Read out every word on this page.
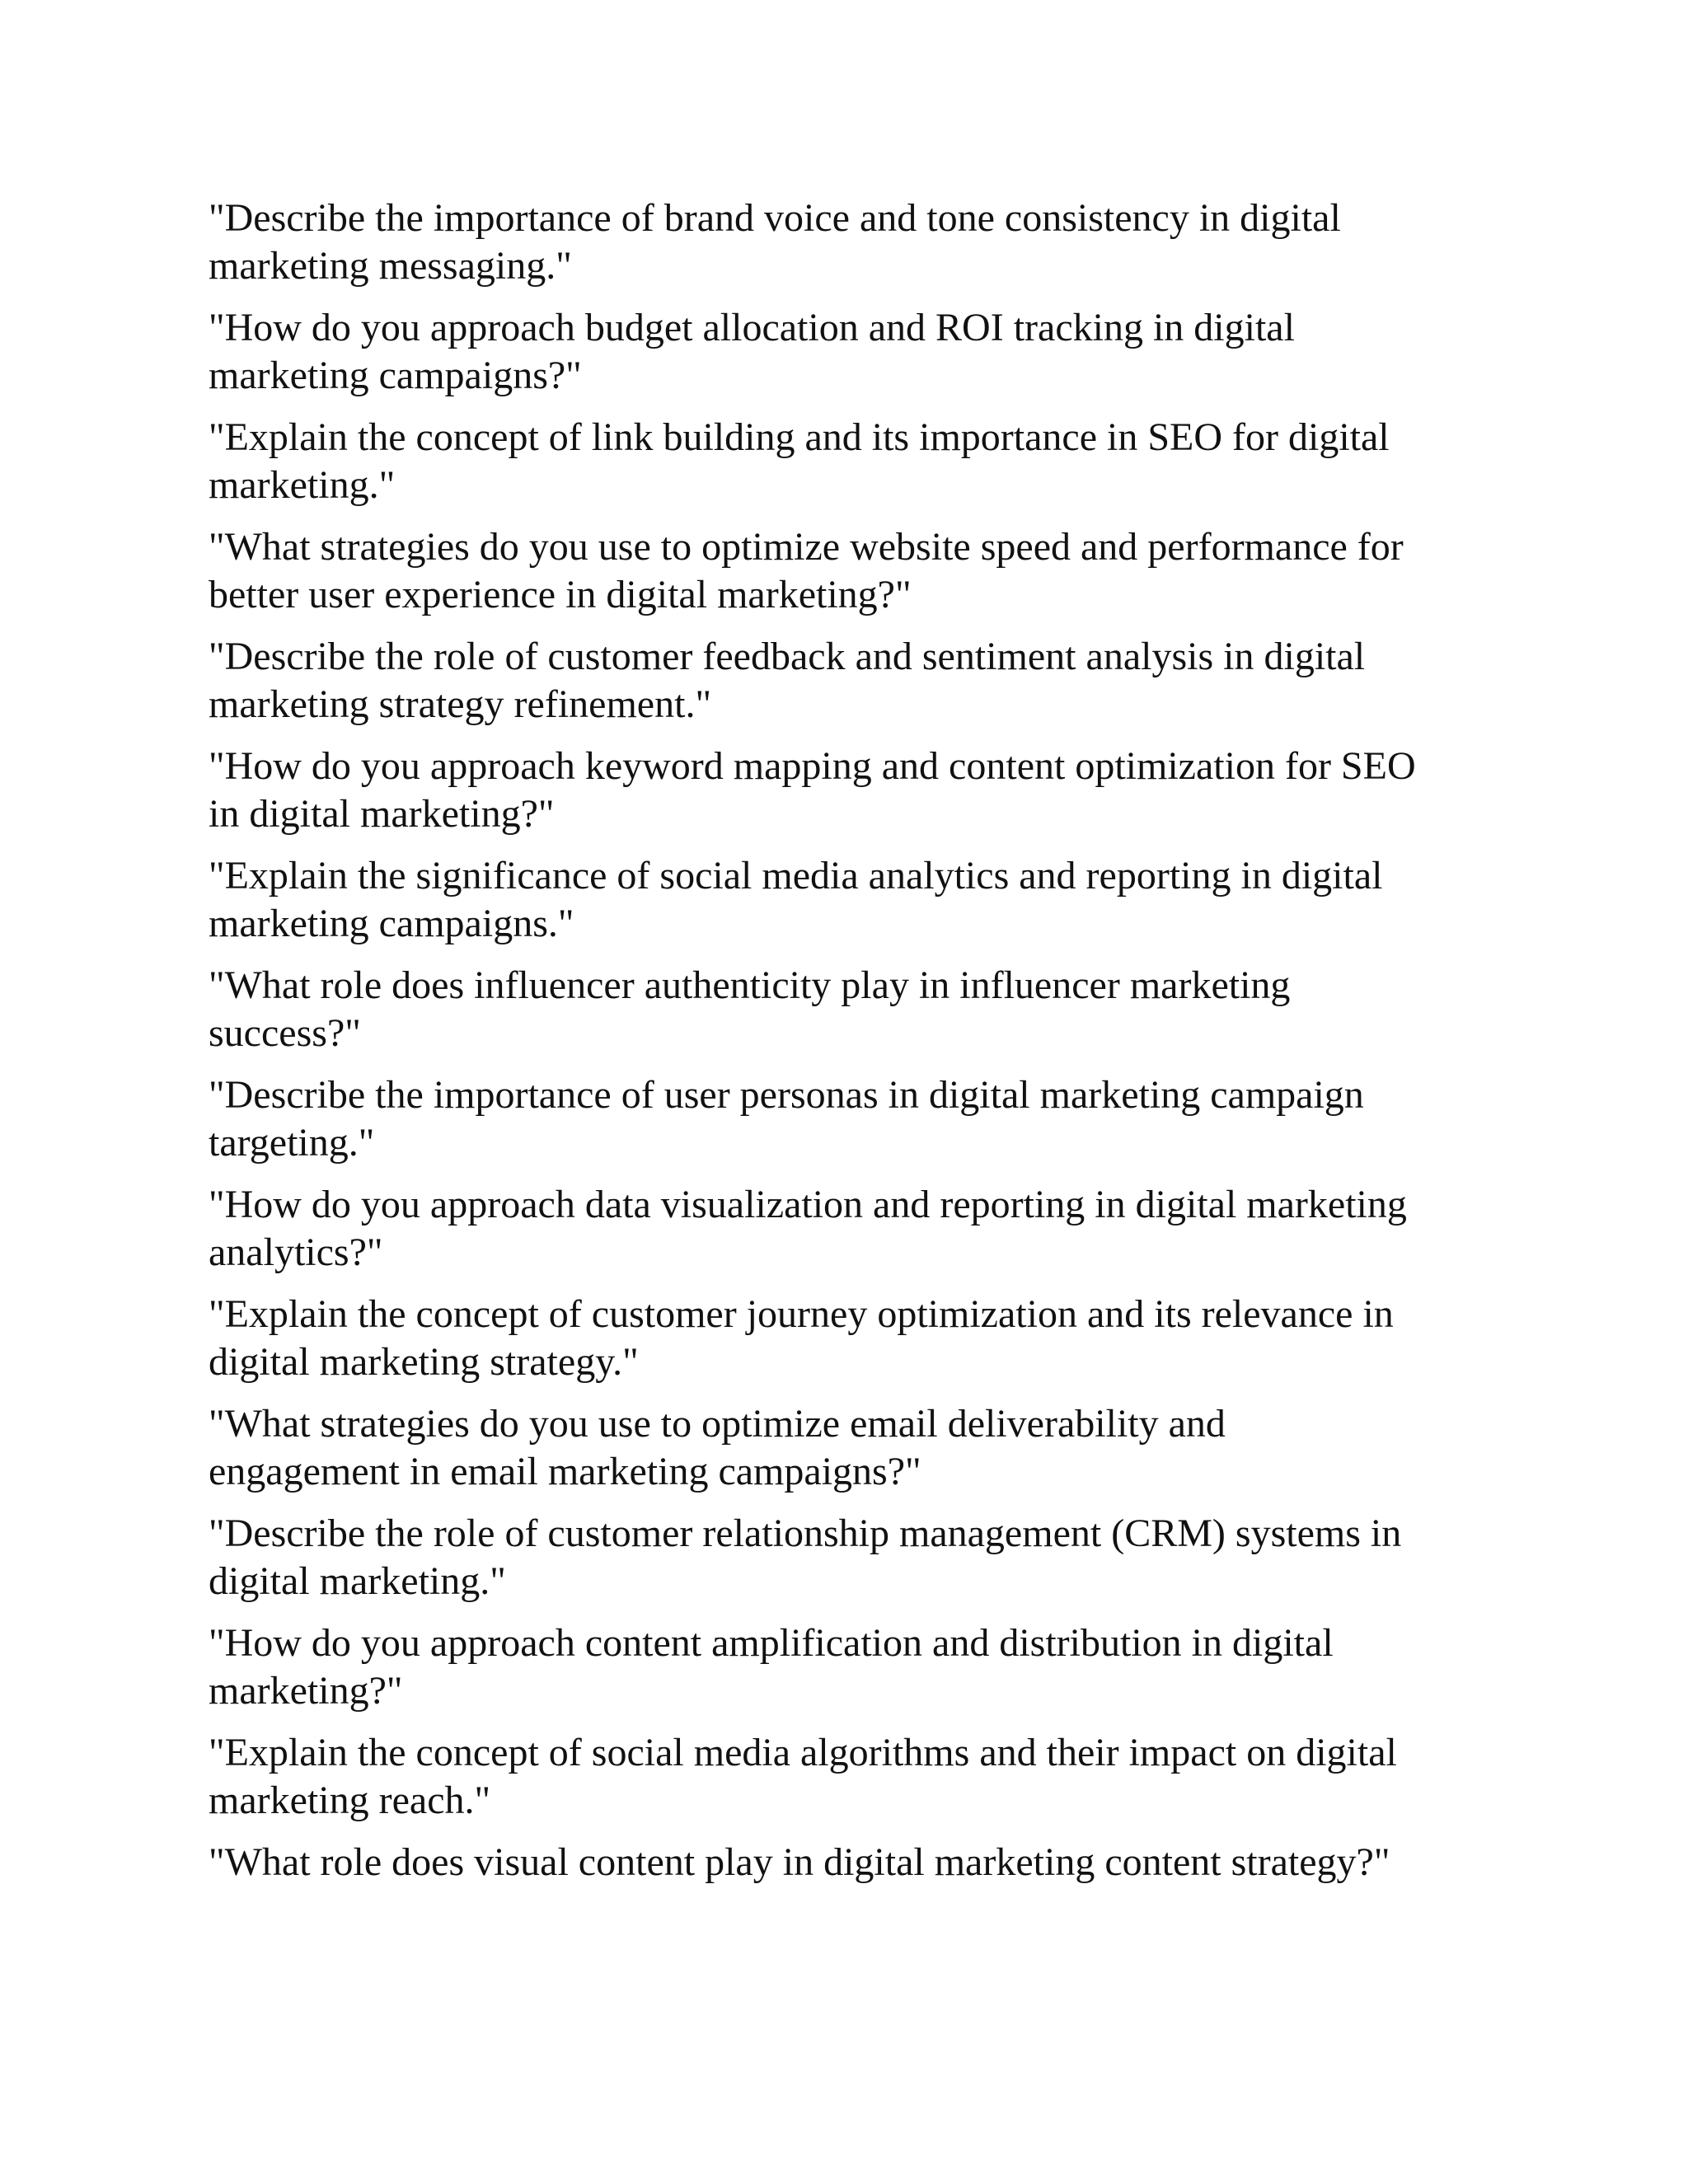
"Describe the importance of brand voice and tone consistency in digital
marketing messaging."

"How do you approach budget allocation and ROI tracking in digital
marketing campaigns?"

"Explain the concept of link building and its importance in SEO for digital
marketing."

"What strategies do you use to optimize website speed and performance for
better user experience in digital marketing?"

"Describe the role of customer feedback and sentiment analysis in digital
marketing strategy refinement."

"How do you approach keyword mapping and content optimization for SEO
in digital marketing?"

"Explain the significance of social media analytics and reporting in digital
marketing campaigns."

"What role does influencer authenticity play in influencer marketing
success?"

"Describe the importance of user personas in digital marketing campaign
targeting."

"How do you approach data visualization and reporting in digital marketing
analytics?"

"Explain the concept of customer journey optimization and its relevance in
digital marketing strategy."

"What strategies do you use to optimize email deliverability and
engagement in email marketing campaigns?"

"Describe the role of customer relationship management (CRM) systems in
digital marketing."

"How do you approach content amplification and distribution in digital
marketing?"

"Explain the concept of social media algorithms and their impact on digital
marketing reach."

"What role does visual content play in digital marketing content strategy?"
